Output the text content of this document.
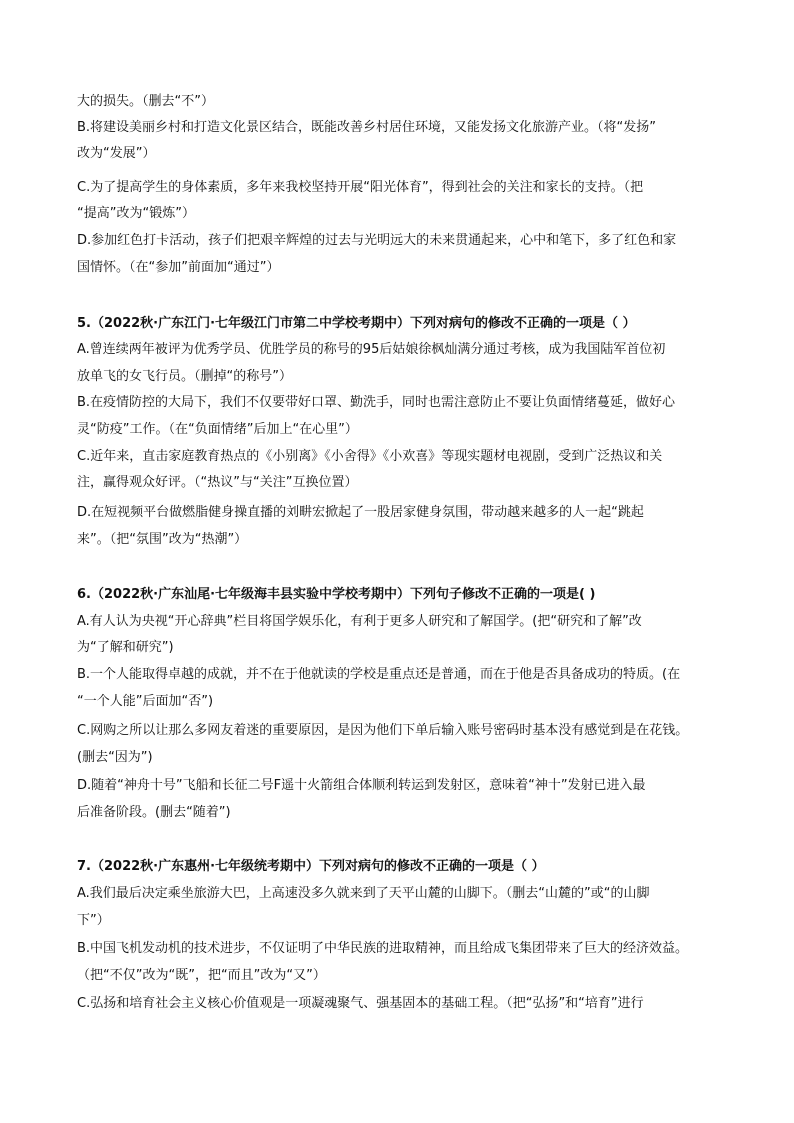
大的损失。（删去“不”）
B.将建设美丽乡村和打造文化景区结合，既能改善乡村居住环境，又能发扬文化旅游产业。（将“发扬”
改为“发展”）
C.为了提高学生的身体素质，多年来我校坚持开展“阳光体育”，得到社会的关注和家长的支持。（把
“提高”改为“锻炼”）
D.参加红色打卡活动，孩子们把艰辛辉煌的过去与光明远大的未来贯通起来，心中和笔下，多了红色和家
国情怀。（在“参加”前面加“通过”）
5.（2022秋·广东江门·七年级江门市第二中学校考期中）下列对病句的修改不正确的一项是（ ）
A.曾连续两年被评为优秀学员、优胜学员的称号的95后姑娘徐枫灿满分通过考核，成为我国陆军首位初
放单飞的女飞行员。（删掉“的称号”）
B.在疫情防控的大局下，我们不仅要带好口罩、勤洗手，同时也需注意防止不要让负面情绪蔓延，做好心
灵“防疫”工作。（在“负面情绪”后加上“在心里”）
C.近年来，直击家庭教育热点的《小别离》《小舍得》《小欢喜》等现实题材电视剧，受到广泛热议和关
注，赢得观众好评。（“热议”与“关注”互换位置）
D.在短视频平台做燃脂健身操直播的刘畊宏掀起了一股居家健身氛围，带动越来越多的人一起“跳起
来”。（把“氛围”改为“热潮”）
6.（2022秋·广东汕尾·七年级海丰县实验中学校考期中）下列句子修改不正确的一项是( )
A.有人认为央视“开心辞典”栏目将国学娱乐化，有利于更多人研究和了解国学。(把“研究和了解”改
为“了解和研究”)
B.一个人能取得卓越的成就，并不在于他就读的学校是重点还是普通，而在于他是否具备成功的特质。(在
“一个人能”后面加“否”)
C.网购之所以让那么多网友着迷的重要原因，是因为他们下单后输入账号密码时基本没有感觉到是在花钱。
(删去“因为”)
D.随着“神舟十号”飞船和长征二号F遥十火箭组合体顺利转运到发射区，意味着“神十”发射已进入最
后准备阶段。(删去“随着”)
7.（2022秋·广东惠州·七年级统考期中）下列对病句的修改不正确的一项是（ ）
A.我们最后决定乘坐旅游大巴，上高速没多久就来到了天平山麓的山脚下。（删去“山麓的”或“的山脚
下”）
B.中国飞机发动机的技术进步，不仅证明了中华民族的进取精神，而且给成飞集团带来了巨大的经济效益。
（把“不仅”改为“既”，把“而且”改为“又”）
C.弘扬和培育社会主义核心价值观是一项凝魂聚气、强基固本的基础工程。（把“弘扬”和“培育”进行
